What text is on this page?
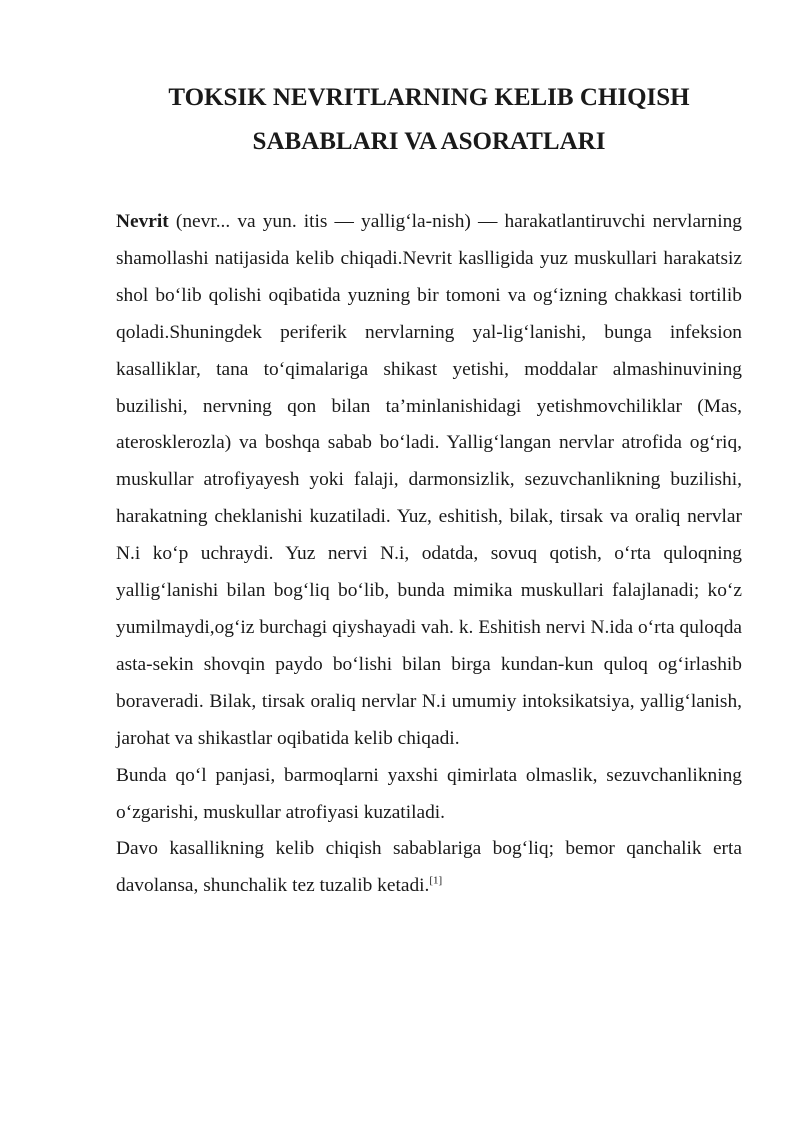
TOKSIK NEVRITLARNING KELIB CHIQISH SABABLARI VA ASORATLARI

Nevrit (nevr... va yun. itis — yallig‘la-nish) — harakatlantiruvchi nervlarning shamollashi natijasida kelib chiqadi.Nevrit kaslligida yuz muskullari harakatsiz shol bo‘lib qolishi oqibatida yuzning bir tomoni va og‘izning chakkasi tortilib qoladi.Shuningdek periferik nervlarning yal-lig‘lanishi, bunga infeksion kasalliklar, tana to‘qimalariga shikast yetishi, moddalar almashinuvining buzilishi, nervning qon bilan ta’minlanishidagi yetishmovchiliklar (Mas, aterosklerozla) va boshqa sabab bo‘ladi. Yallig‘langan nervlar atrofida og‘riq, muskullar atrofiyayesh yoki falaji, darmonsizlik, sezuvchanlikning buzilishi, harakatning cheklanishi kuzatiladi. Yuz, eshitish, bilak, tirsak va oraliq nervlar N.i ko‘p uchraydi. Yuz nervi N.i, odatda, sovuq qotish, o‘rta quloqning yallig‘lanishi bilan bog‘liq bo‘lib, bunda mimika muskullari falajlanadi; ko‘z yumilmaydi,og‘iz burchagi qiyshayadi vah. k. Eshitish nervi N.ida o‘rta quloqda asta-sekin shovqin paydo bo‘lishi bilan birga kundan-kun quloq og‘irlashib boraveradi. Bilak, tirsak oraliq nervlar N.i umumiy intoksikatsiya, yallig‘lanish, jarohat va shikastlar oqibatida kelib chiqadi.

Bunda qo‘l panjasi, barmoqlarni yaxshi qimirlata olmaslik, sezuvchanlikning o‘zgarishi, muskullar atrofiyasi kuzatiladi.

Davo kasallikning kelib chiqish sabablariga bog‘liq; bemor qanchalik erta davolansa, shunchalik tez tuzalib ketadi.[1]
